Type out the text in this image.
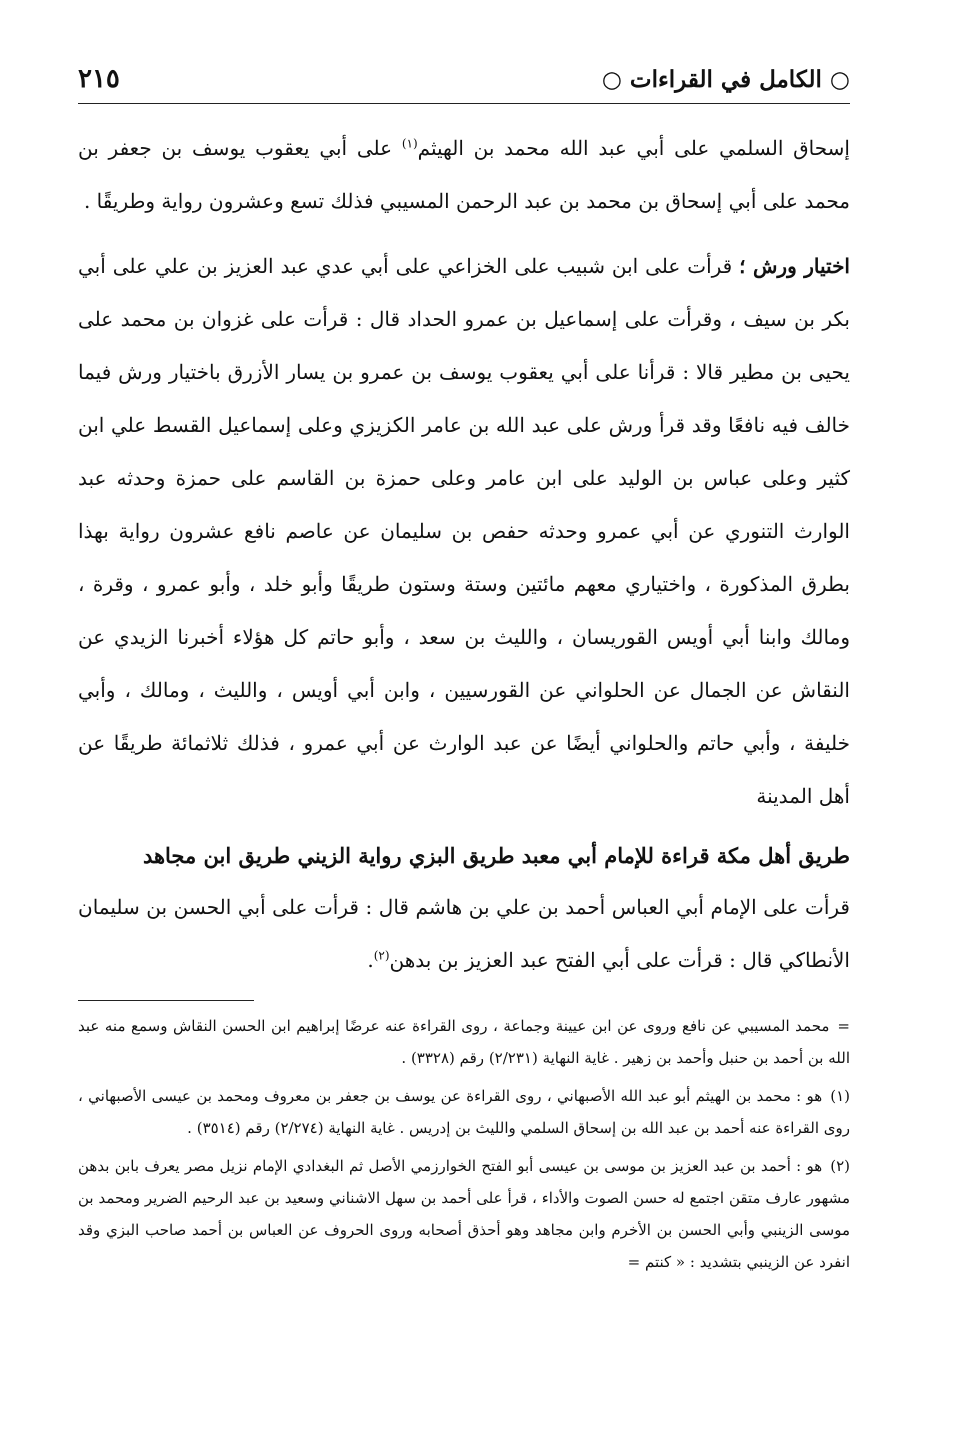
○ الكامل في القراءات ○
٢١٥

إسحاق السلمي على أبي عبد الله محمد بن الهيثم$^{(١)}$ على أبي يعقوب يوسف بن جعفر بن محمد على أبي إسحاق بن محمد بن عبد الرحمن المسيبي فذلك تسع وعشرون رواية وطريقًا .

اختيار ورش ؛ قرأت على ابن شبيب على الخزاعي على أبي عدي عبد العزيز بن علي على أبي بكر بن سيف ، وقرأت على إسماعيل بن عمرو الحداد قال : قرأت على غزوان بن محمد على يحيى بن مطير قالا : قرأنا على أبي يعقوب يوسف بن عمرو بن يسار الأزرق باختيار ورش فيما خالف فيه نافعًا وقد قرأ ورش على عبد الله بن عامر الكزيزي وعلى إسماعيل القسط علي ابن كثير وعلى عباس بن الوليد على ابن عامر وعلى حمزة بن القاسم على حمزة وحدثه عبد الوارث التنوري عن أبي عمرو وحدثه حفص بن سليمان عن عاصم نافع عشرون رواية بهذا بطرق المذكورة ، واختياري معهم مائتين وستة وستون طريقًا وأبو خلد ، وأبو عمرو ، وقرة ، ومالك وابنا أبي أويس القوريسان ، والليث بن سعد ، وأبو حاتم كل هؤلاء أخبرنا الزيدي عن النقاش عن الجمال عن الحلواني عن القورسيين ، وابن أبي أويس ، والليث ، ومالك ، وأبي خليفة ، وأبي حاتم والحلواني أيضًا عن عبد الوارث عن أبي عمرو ، فذلك ثلاثمائة طريقًا عن أهل المدينة

طريق أهل مكة قراءة للإمام أبي معبد طريق البزي رواية الزيني طريق ابن مجاهد

قرأت على الإمام أبي العباس أحمد بن علي بن هاشم قال : قرأت على أبي الحسن بن سليمان الأنطاكي قال : قرأت على أبي الفتح عبد العزيز بن بدهن$^{(٢)}$.

=محمد المسيبي عن نافع وروى عن ابن عيينة وجماعة ، روى القراءة عنه عرضًا إبراهيم ابن الحسن النقاش وسمع منه عبد الله بن أحمد بن حنبل وأحمد بن زهير . غاية النهاية (٢/٢٣١) رقم (٣٣٢٨) .

(١)هو : محمد بن الهيثم أبو عبد الله الأصبهاني ، روى القراءة عن يوسف بن جعفر بن معروف ومحمد بن عيسى الأصبهاني ، روى القراءة عنه أحمد بن عبد الله بن إسحاق السلمي والليث بن إدريس . غاية النهاية (٢/٢٧٤) رقم (٣٥١٤) .

(٢)هو : أحمد بن عبد العزيز بن موسى بن عيسى أبو الفتح الخوارزمي الأصل ثم البغدادي الإمام نزيل مصر يعرف بابن بدهن مشهور عارف متقن اجتمع له حسن الصوت والأداء ، قرأ على أحمد بن سهل الاشناني وسعيد بن عبد الرحيم الضرير ومحمد بن موسى الزينبي وأبي الحسن بن الأخرم وابن مجاهد وهو أحذق أصحابه وروى الحروف عن العباس بن أحمد صاحب البزي وقد انفرد عن الزينبي بتشديد : « كنتم =
